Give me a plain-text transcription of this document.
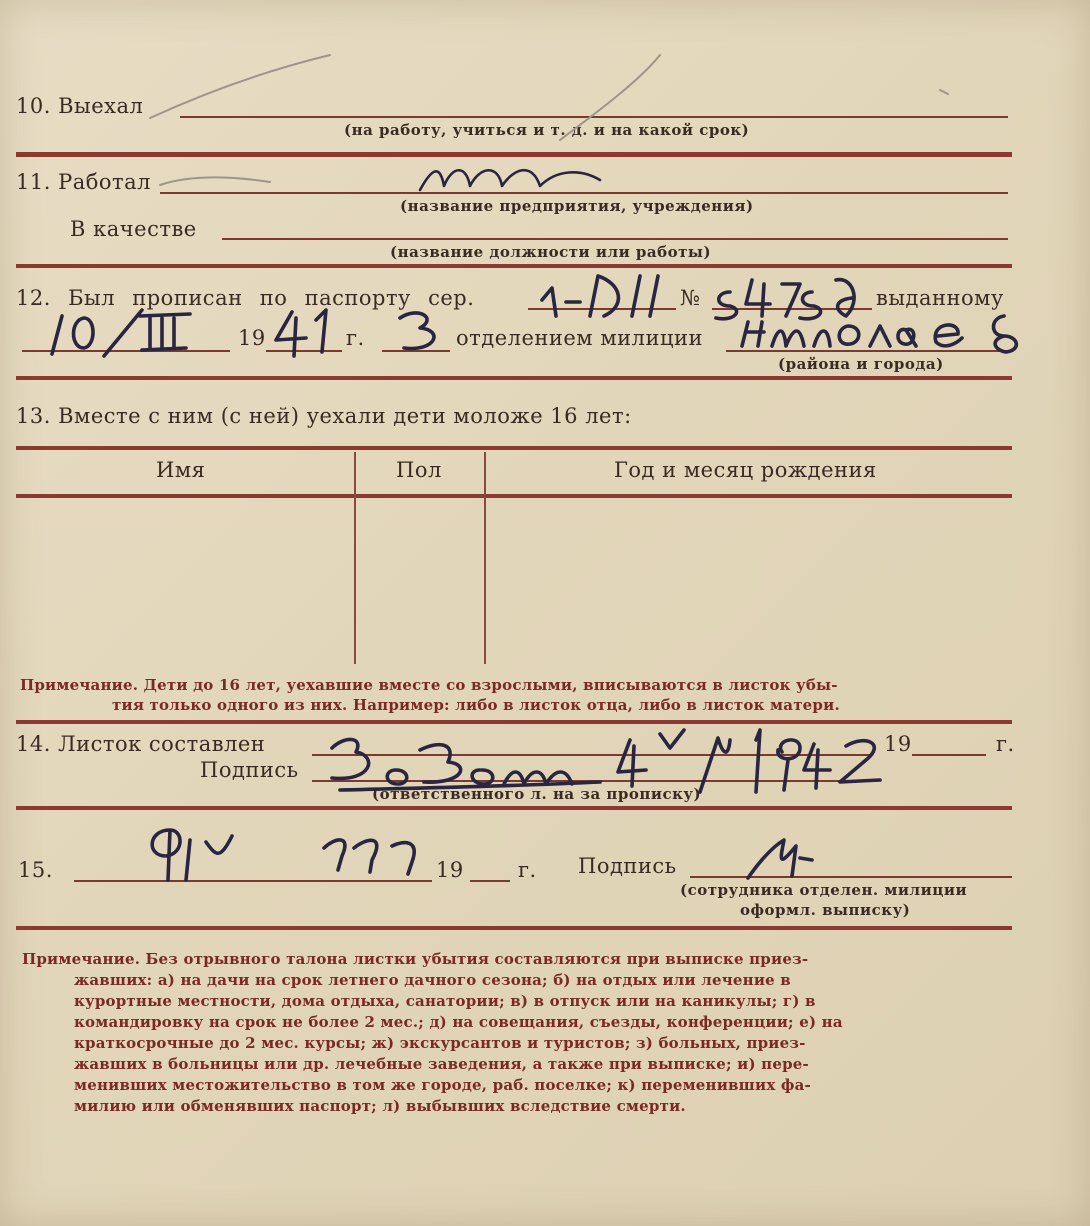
10. Выехал
(на работу, учиться и т. д. и на какой срок)
11. Работал
(название предприятия, учреждения)
В качестве
(название должности или работы)
12. Был прописан по паспорту сер.	№	выданному
19	г.	отделением милиции
(района и города)
13. Вместе с ним (с ней) уехали дети моложе 16 лет:
Имя	Пол	Год и месяц рождения
Примечание. Дети до 16 лет, уехавшие вместе со взрослыми, вписываются в листок убы-
тия только одного из них. Например: либо в листок отца, либо в листок матери.
14. Листок составлен	19	г.
Подпись
(ответственного л. на за прописку)
15.	19	г. Подпись
(сотрудника отделен. милиции
оформл. выписку)
Примечание. Без отрывного талона листки убытия составляются при выписке приез-
жавших: а) на дачи на срок летнего дачного сезона; б) на отдых или лечение в
курортные местности, дома отдыха, санатории; в) в отпуск или на каникулы; г) в
командировку на срок не более 2 мес.; д) на совещания, съезды, конференции; е) на
краткосрочные до 2 мес. курсы; ж) экскурсантов и туристов; з) больных, приез-
жавших в больницы или др. лечебные заведения, а также при выписке; и) пере-
менивших местожительство в том же городе, раб. поселке; к) переменивших фа-
милию или обменявших паспорт; л) выбывших вследствие смерти.
